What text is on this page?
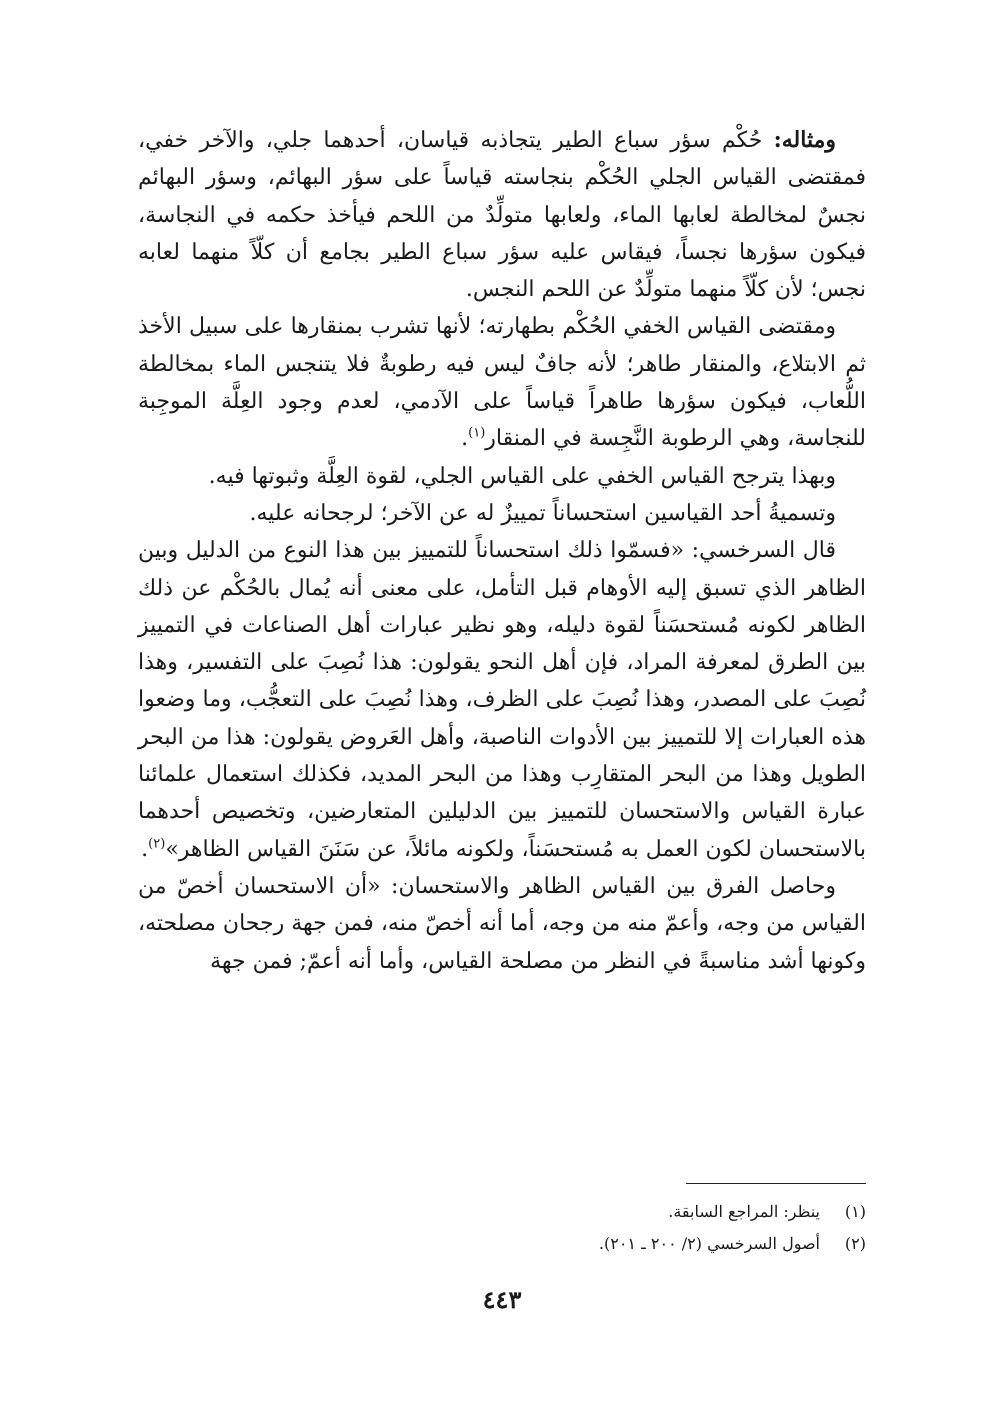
ومثاله: حُكْم سؤر سباع الطير يتجاذبه قياسان، أحدهما جلي، والآخر خفي، فمقتضى القياس الجلي الحُكْم بنجاسته قياساً على سؤر البهائم، وسؤر البهائم نجسٌ لمخالطة لعابها الماء، ولعابها متولِّدٌ من اللحم فيأخذ حكمه في النجاسة، فيكون سؤرها نجساً، فيقاس عليه سؤر سباع الطير بجامع أن كلّاً منهما لعابه نجس؛ لأن كلّاً منهما متولِّدٌ عن اللحم النجس.

ومقتضى القياس الخفي الحُكْم بطهارته؛ لأنها تشرب بمنقارها على سبيل الأخذ ثم الابتلاع، والمنقار طاهر؛ لأنه جافٌ ليس فيه رطوبةٌ فلا يتنجس الماء بمخالطة اللُّعاب، فيكون سؤرها طاهراً قياساً على الآدمي، لعدم وجود العِلَّة الموجِبة للنجاسة، وهي الرطوبة النَّجِسة في المنقار$^{(١)}$.

وبهذا يترجح القياس الخفي على القياس الجلي، لقوة العِلَّة وثبوتها فيه.

وتسميةُ أحد القياسين استحساناً تمييزٌ له عن الآخر؛ لرجحانه عليه.

قال السرخسي: «فسمّوا ذلك استحساناً للتمييز بين هذا النوع من الدليل وبين الظاهر الذي تسبق إليه الأوهام قبل التأمل، على معنى أنه يُمال بالحُكْم عن ذلك الظاهر لكونه مُستحسَناً لقوة دليله، وهو نظير عبارات أهل الصناعات في التمييز بين الطرق لمعرفة المراد، فإن أهل النحو يقولون: هذا نُصِبَ على التفسير، وهذا نُصِبَ على المصدر، وهذا نُصِبَ على الظرف، وهذا نُصِبَ على التعجُّب، وما وضعوا هذه العبارات إلا للتمييز بين الأدوات الناصبة، وأهل العَروض يقولون: هذا من البحر الطويل وهذا من البحر المتقارِب وهذا من البحر المديد، فكذلك استعمال علمائنا عبارة القياس والاستحسان للتمييز بين الدليلين المتعارضين، وتخصيص أحدهما بالاستحسان لكون العمل به مُستحسَناً، ولكونه مائلاً، عن سَنَنَ القياس الظاهر»$^{(٢)}$.

وحاصل الفرق بين القياس الظاهر والاستحسان: «أن الاستحسان أخصّ من القياس من وجه، وأعمّ منه من وجه، أما أنه أخصّ منه، فمن جهة رجحان مصلحته، وكونها أشد مناسبةً في النظر من مصلحة القياس، وأما أنه أعمّ; فمن جهة

(١)
ينظر: المراجع السابقة.
(٢)
أصول السرخسي (٢/ ٢٠٠ ـ ٢٠١).
٤٤٣
